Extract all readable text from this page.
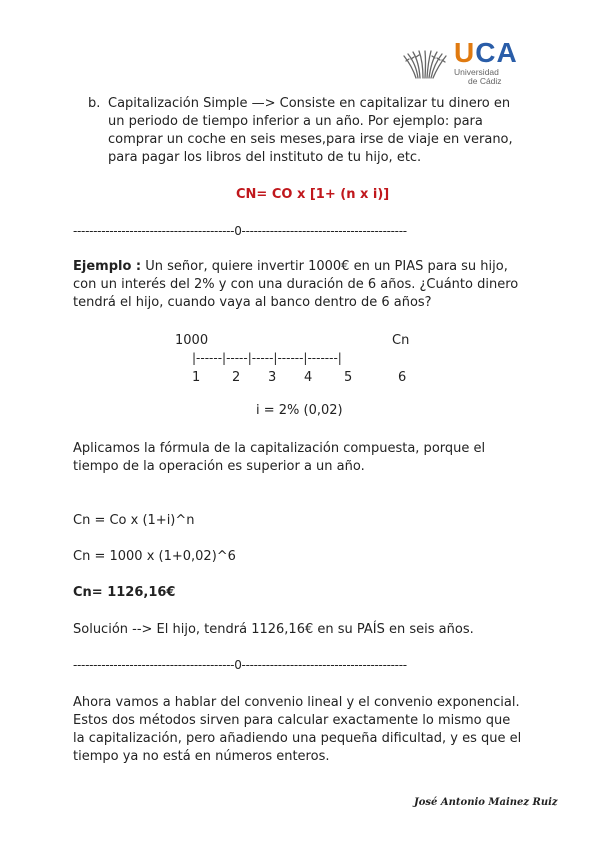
UCA
Universidad
de Cádiz
b. Capitalización Simple —> Consiste en capitalizar tu dinero en
un periodo de tiempo inferior a un año. Por ejemplo: para
comprar un coche en seis meses,para irse de viaje en verano,
para pagar los libros del instituto de tu hijo, etc.
CN= CO x [1+ (n x i)]
----------------------------------------0-----------------------------------------
Ejemplo : Un señor, quiere invertir 1000€ en un PIAS para su hijo,
con un interés del 2% y con una duración de 6 años. ¿Cuánto dinero
tendrá el hijo, cuando vaya al banco dentro de 6 años?
1000	Cn
|------|-----|-----|------|-------|
1 2 3 4 5	6
i = 2% (0,02)
Aplicamos la fórmula de la capitalización compuesta, porque el
tiempo de la operación es superior a un año.
Cn = Co x (1+i)^n
Cn = 1000 x (1+0,02)^6
Cn= 1126,16€
Solución --> El hijo, tendrá 1126,16€ en su PAÍS en seis años.
----------------------------------------0-----------------------------------------
Ahora vamos a hablar del convenio lineal y el convenio exponencial.
Estos dos métodos sirven para calcular exactamente lo mismo que
la capitalización, pero añadiendo una pequeña dificultad, y es que el
tiempo ya no está en números enteros.
José Antonio Mainez Ruiz
